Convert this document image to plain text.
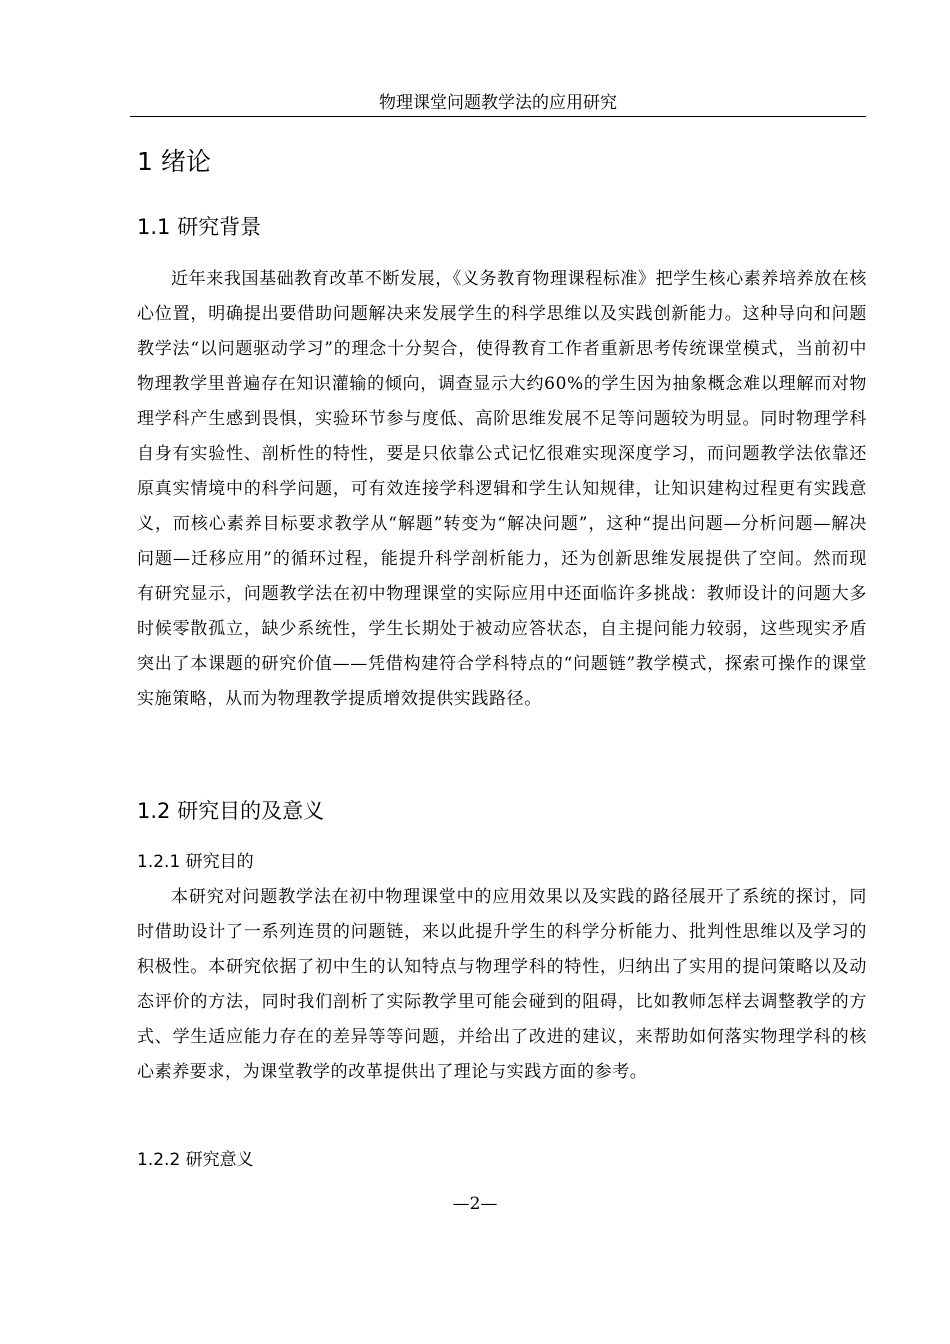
物理课堂问题教学法的应用研究
1 绪论
1.1 研究背景

近年来我国基础教育改革不断发展，《义务教育物理课程标准》把学生核心素养培养放在核心位置，明确提出要借助问题解决来发展学生的科学思维以及实践创新能力。这种导向和问题教学法“以问题驱动学习”的理念十分契合，使得教育工作者重新思考传统课堂模式，当前初中物理教学里普遍存在知识灌输的倾向，调查显示大约60%的学生因为抽象概念难以理解而对物理学科产生感到畏惧，实验环节参与度低、高阶思维发展不足等问题较为明显。同时物理学科自身有实验性、剖析性的特性，要是只依靠公式记忆很难实现深度学习，而问题教学法依靠还原真实情境中的科学问题，可有效连接学科逻辑和学生认知规律，让知识建构过程更有实践意义，而核心素养目标要求教学从“解题”转变为“解决问题”，这种“提出问题—分析问题—解决问题—迁移应用”的循环过程，能提升科学剖析能力，还为创新思维发展提供了空间。然而现有研究显示，问题教学法在初中物理课堂的实际应用中还面临许多挑战：教师设计的问题大多时候零散孤立，缺少系统性，学生长期处于被动应答状态，自主提问能力较弱，这些现实矛盾突出了本课题的研究价值——凭借构建符合学科特点的“问题链”教学模式，探索可操作的课堂实施策略，从而为物理教学提质增效提供实践路径。

1.2 研究目的及意义
1.2.1 研究目的

本研究对问题教学法在初中物理课堂中的应用效果以及实践的路径展开了系统的探讨，同时借助设计了一系列连贯的问题链，来以此提升学生的科学分析能力、批判性思维以及学习的积极性。本研究依据了初中生的认知特点与物理学科的特性，归纳出了实用的提问策略以及动态评价的方法，同时我们剖析了实际教学里可能会碰到的阻碍，比如教师怎样去调整教学的方式、学生适应能力存在的差异等等问题，并给出了改进的建议，来帮助如何落实物理学科的核心素养要求，为课堂教学的改革提供出了理论与实践方面的参考。

1.2.2 研究意义
—2—
